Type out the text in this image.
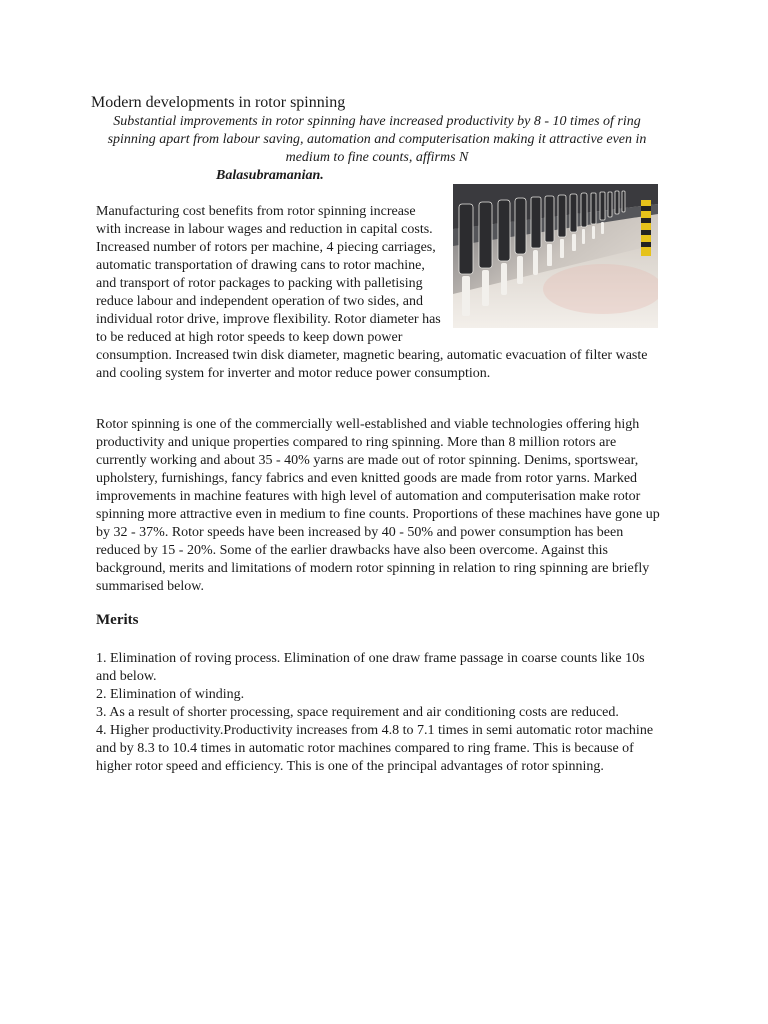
Modern developments in rotor spinning
Substantial improvements in rotor spinning have increased productivity by 8 - 10 times of ring spinning apart from labour saving, automation and computerisation making it attractive even in medium to fine counts, affirms N
Balasubramanian.

Manufacturing cost benefits from rotor spinning increase with increase in labour wages and reduction in capital costs. Increased number of rotors per machine, 4 piecing carriages, automatic transportation of drawing cans to rotor machine, and transport of rotor packages to packing with palletising reduce labour and independent operation of two sides, and individual rotor drive, improve flexibility. Rotor diameter has to be reduced at high rotor speeds to keep down power consumption. Increased twin disk diameter, magnetic bearing, automatic evacuation of filter waste and cooling system for inverter and motor reduce power consumption.

Rotor spinning is one of the commercially well-established and viable technologies offering high productivity and unique properties compared to ring spinning. More than 8 million rotors are currently working and about 35 - 40% yarns are made out of rotor spinning. Denims, sportswear, upholstery, furnishings, fancy fabrics and even knitted goods are made from rotor yarns. Marked improvements in machine features with high level of automation and computerisation make rotor spinning more attractive even in medium to fine counts. Proportions of these machines have gone up by 32 - 37%. Rotor speeds have been increased by 40 - 50% and power consumption has been reduced by 15 - 20%. Some of the earlier drawbacks have also been overcome. Against this background, merits and limitations of modern rotor spinning in relation to ring spinning are briefly summarised below.

Merits
1. Elimination of roving process. Elimination of one draw frame passage in coarse counts like 10s and below.
2. Elimination of winding.
3. As a result of shorter processing, space requirement and air conditioning costs are reduced.
4. Higher productivity.Productivity increases from 4.8 to 7.1 times in semi automatic rotor machine and by 8.3 to 10.4 times in automatic rotor machines compared to ring frame. This is because of higher rotor speed and efficiency. This is one of the principal advantages of rotor spinning.
